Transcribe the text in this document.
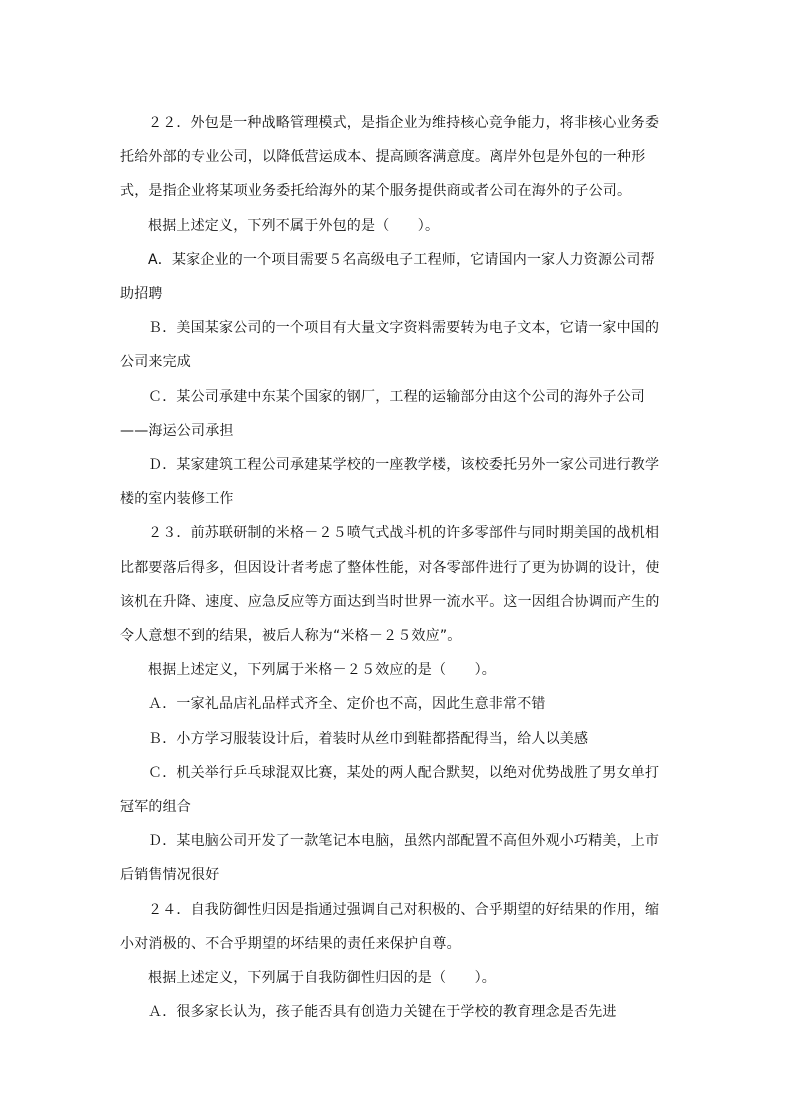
２２．外包是一种战略管理模式，是指企业为维持核心竞争能力，将非核心业务委托给外部的专业公司，以降低营运成本、提高顾客满意度。离岸外包是外包的一种形式，是指企业将某项业务委托给海外的某个服务提供商或者公司在海外的子公司。

根据上述定义，下列不属于外包的是（　　）。

A．某家企业的一个项目需要５名高级电子工程师，它请国内一家人力资源公司帮助招聘

Ｂ．美国某家公司的一个项目有大量文字资料需要转为电子文本，它请一家中国的公司来完成

Ｃ．某公司承建中东某个国家的钢厂，工程的运输部分由这个公司的海外子公司——海运公司承担

Ｄ．某家建筑工程公司承建某学校的一座教学楼，该校委托另外一家公司进行教学楼的室内装修工作

２３．前苏联研制的米格－２５喷气式战斗机的许多零部件与同时期美国的战机相比都要落后得多，但因设计者考虑了整体性能，对各零部件进行了更为协调的设计，使该机在升降、速度、应急反应等方面达到当时世界一流水平。这一因组合协调而产生的令人意想不到的结果，被后人称为“米格－２５效应”。

根据上述定义，下列属于米格－２５效应的是（　　）。

Ａ．一家礼品店礼品样式齐全、定价也不高，因此生意非常不错

Ｂ．小方学习服装设计后，着装时从丝巾到鞋都搭配得当，给人以美感

Ｃ．机关举行乒乓球混双比赛，某处的两人配合默契，以绝对优势战胜了男女单打冠军的组合

Ｄ．某电脑公司开发了一款笔记本电脑，虽然内部配置不高但外观小巧精美，上市后销售情况很好

２４．自我防御性归因是指通过强调自己对积极的、合乎期望的好结果的作用，缩小对消极的、不合乎期望的坏结果的责任来保护自尊。

根据上述定义，下列属于自我防御性归因的是（　　）。

Ａ．很多家长认为，孩子能否具有创造力关键在于学校的教育理念是否先进
